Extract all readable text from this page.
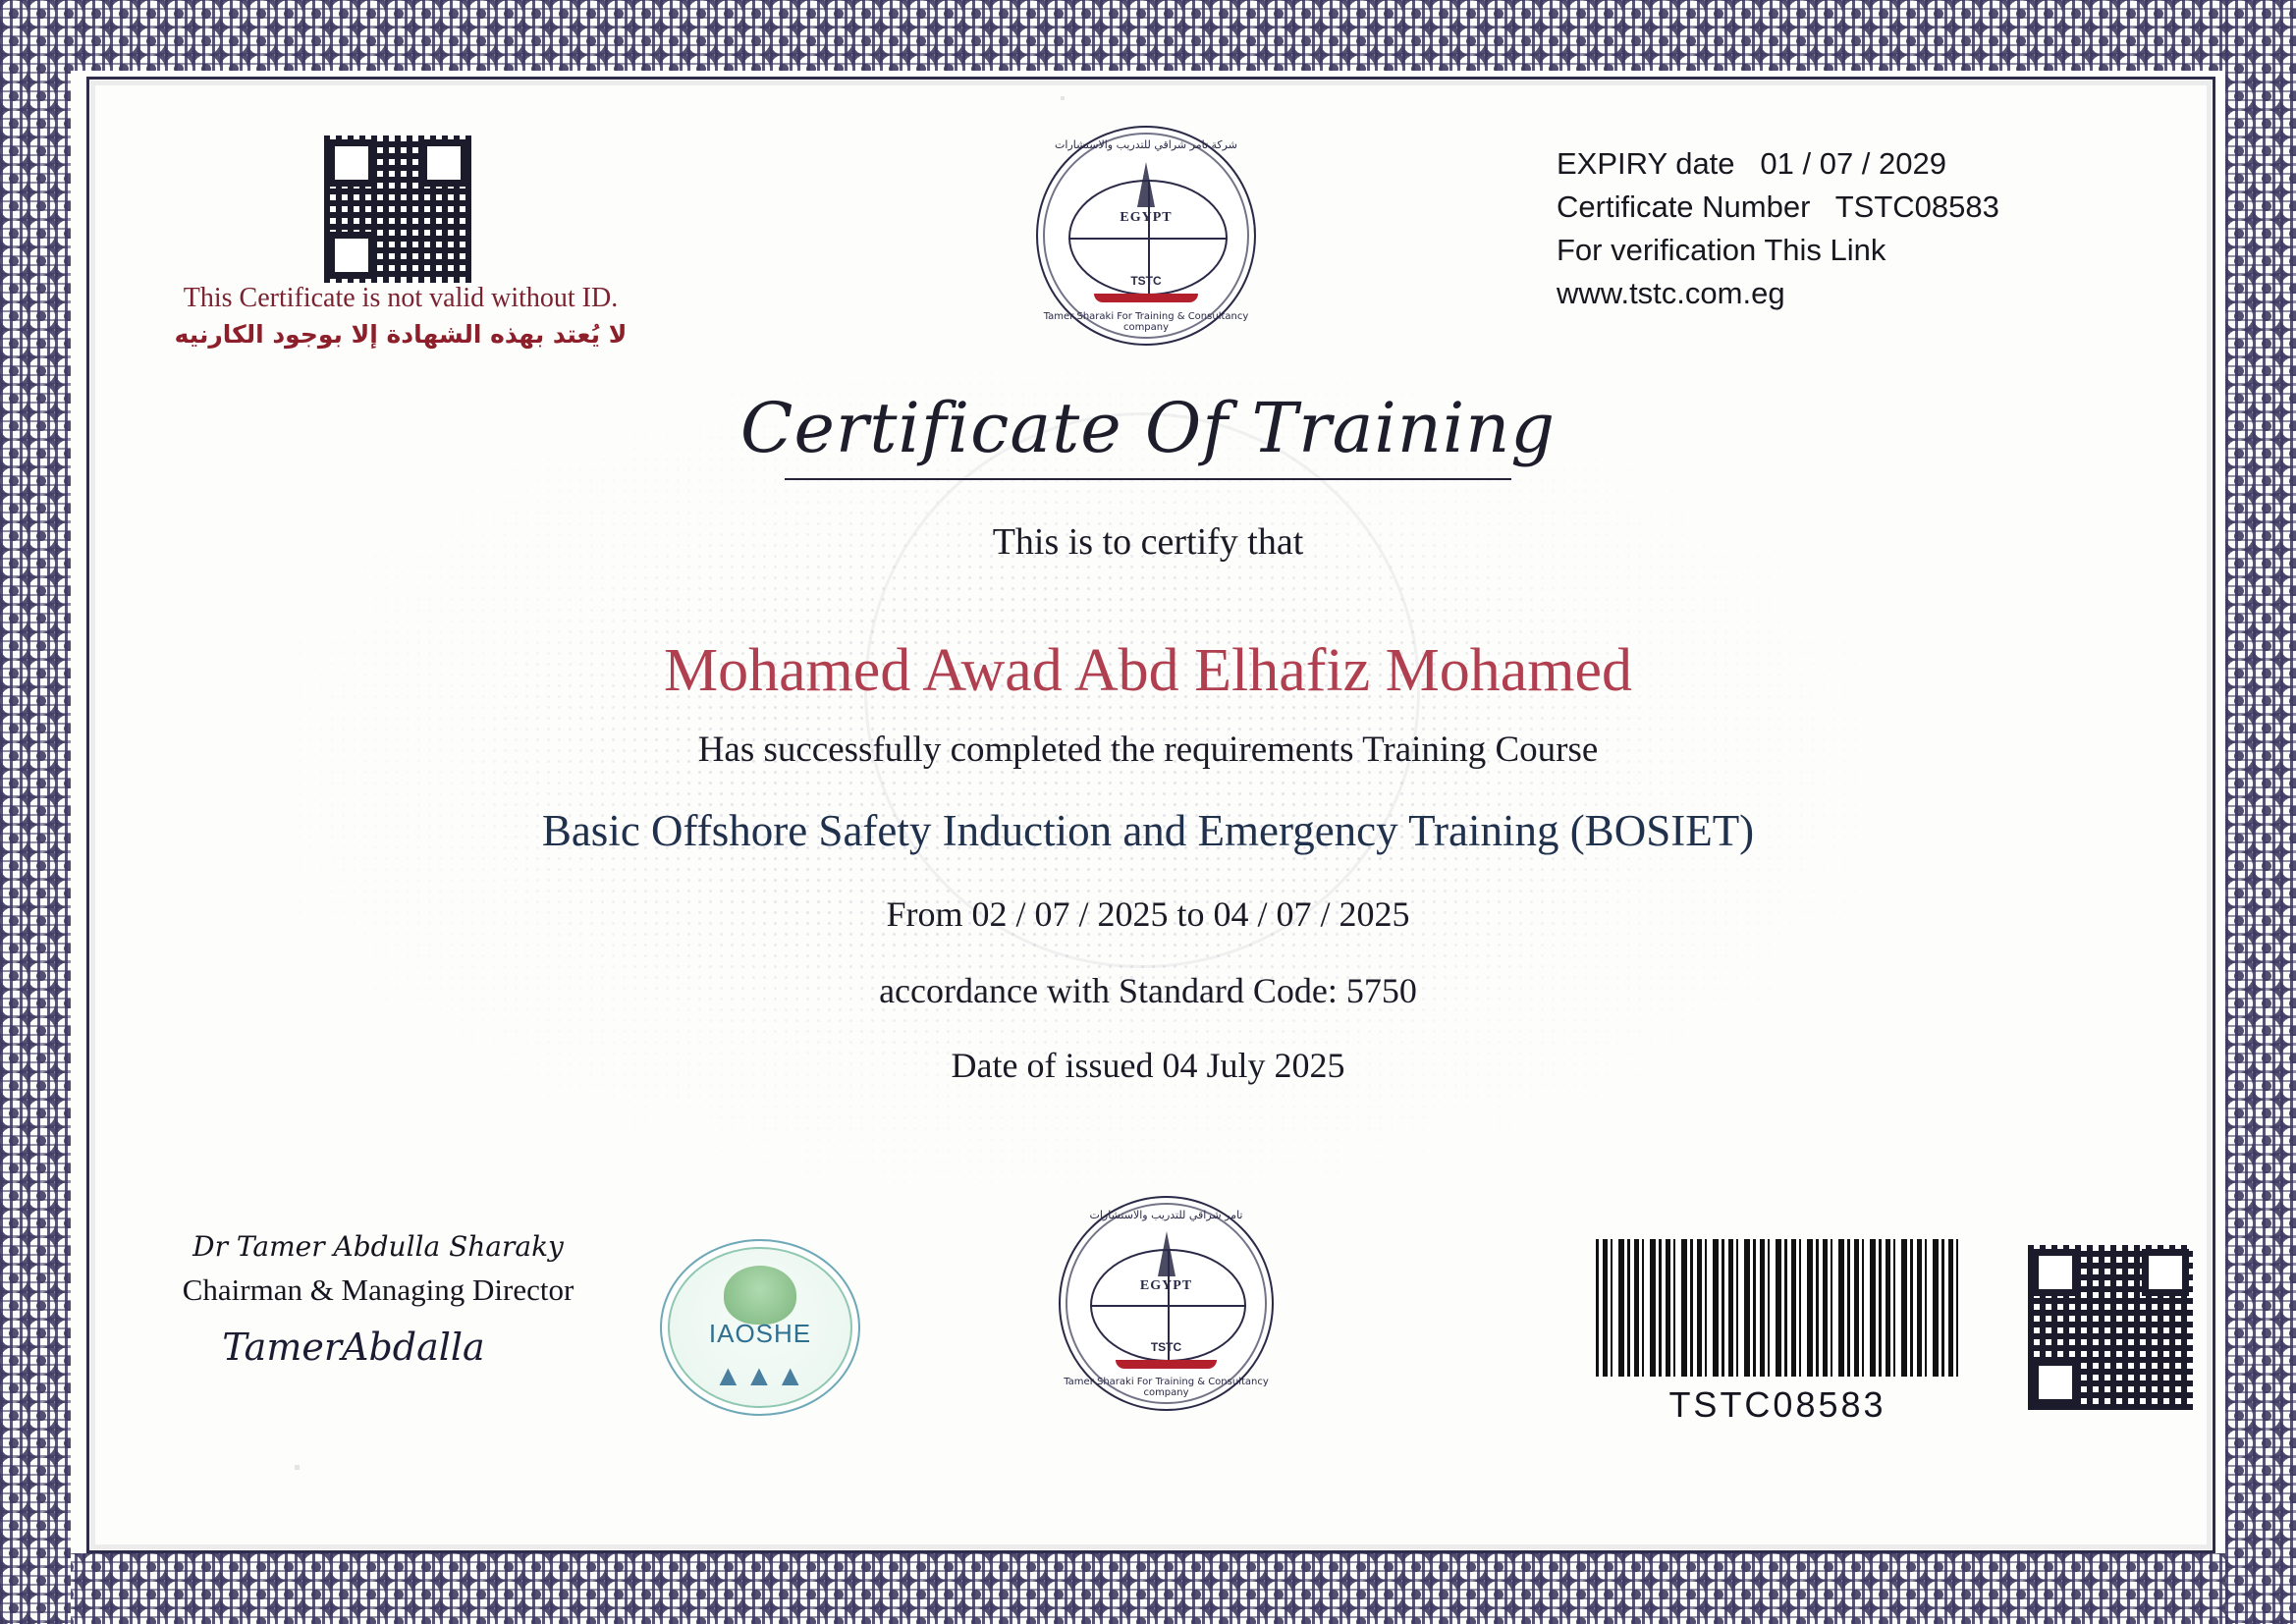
This Certificate is not valid without ID.
لا يُعتد بهذه الشهادة إلا بوجود الكارنيه
شركة تامر شراقي للتدريب والاستشارات
EGYPT
TSTC
Tamer Sharaki For Training & Consultancy company
EXPIRY date 01 / 07 / 2029
Certificate Number TSTC08583
For verification This Link
www.tstc.com.eg
Certificate Of Training
This is to certify that
Mohamed Awad Abd Elhafiz Mohamed
Has successfully completed the requirements Training Course
Basic Offshore Safety Induction and Emergency Training (BOSIET)
From 02 / 07 / 2025 to 04 / 07 / 2025
accordance with Standard Code: 5750
Date of issued 04 July 2025
Dr Tamer Abdulla Sharaky
Chairman & Managing Director
TamerAbdalla	IAOSHE
▲▲▲
تامر شراقي للتدريب والاستشارات
EGYPT
TSTC
Tamer Sharaki For Training & Consultancy company	TSTC08583
